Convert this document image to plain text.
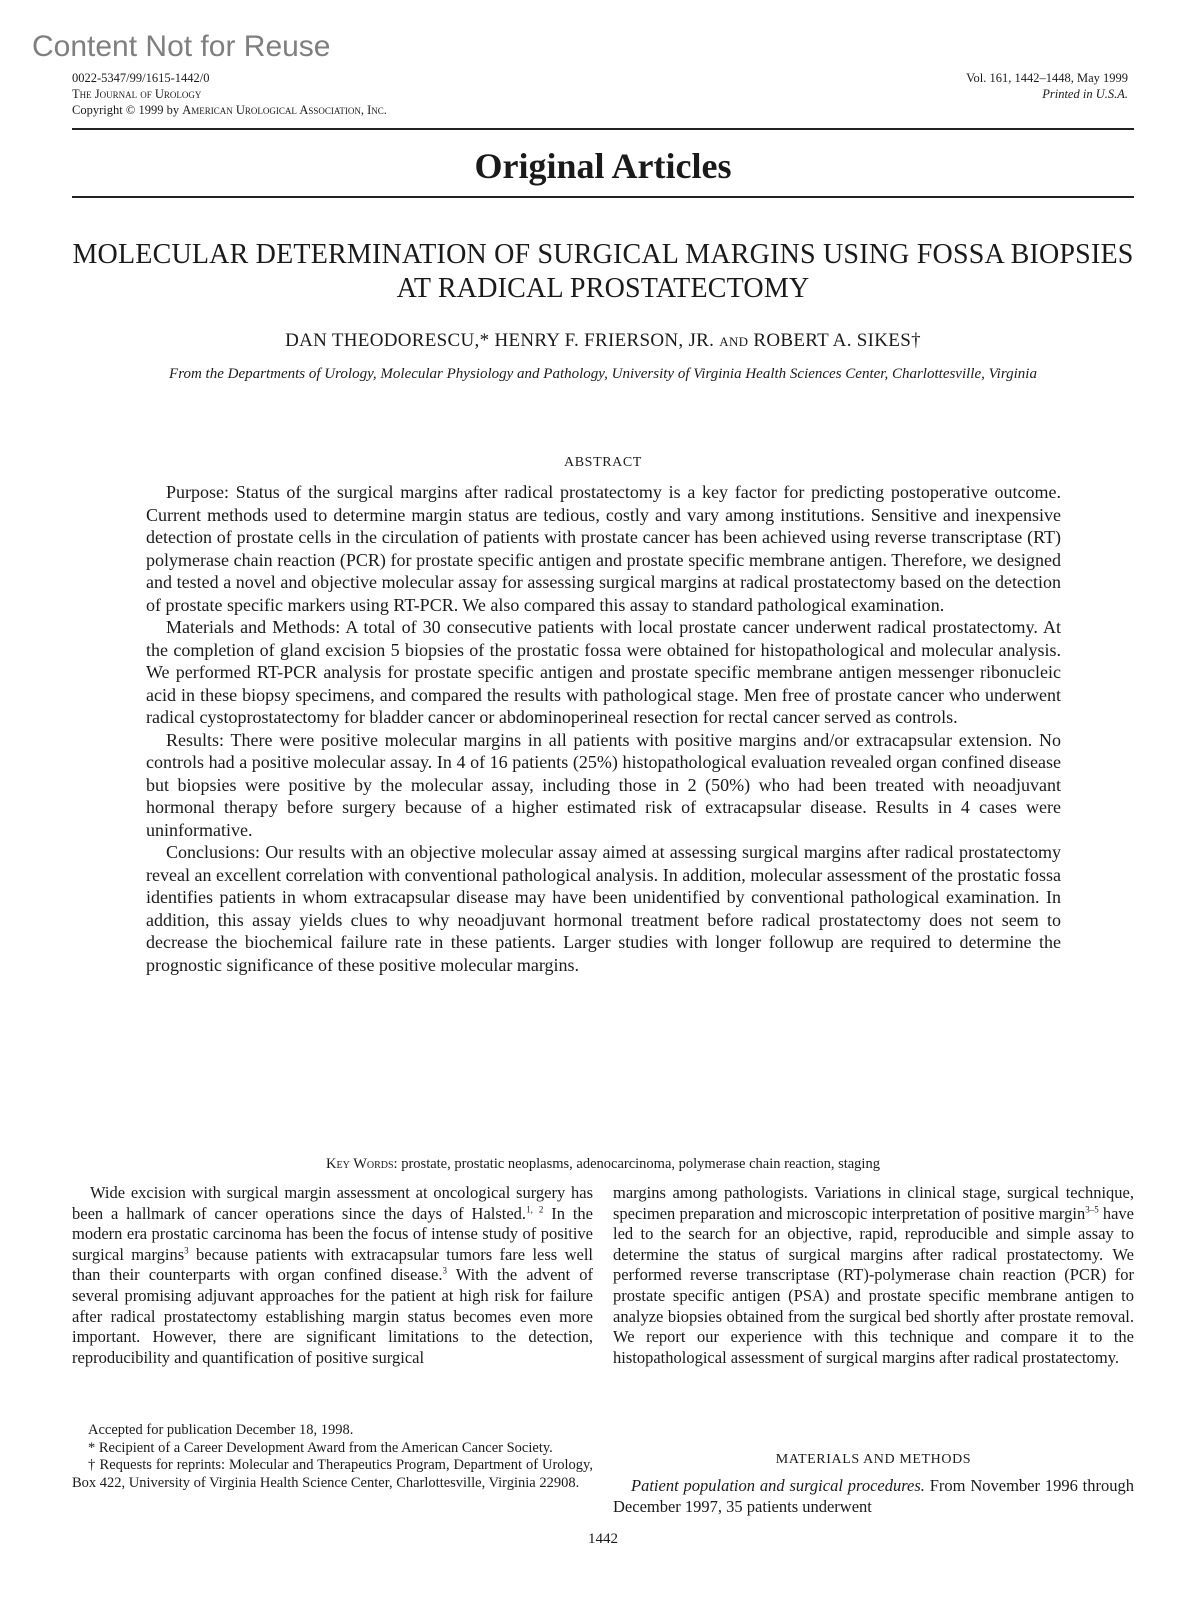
Content Not for Reuse
0022-5347/99/1615-1442/0
The Journal of Urology
Copyright © 1999 by American Urological Association, Inc.
Vol. 161, 1442–1448, May 1999
Printed in U.S.A.
Original Articles
MOLECULAR DETERMINATION OF SURGICAL MARGINS USING FOSSA BIOPSIES AT RADICAL PROSTATECTOMY
DAN THEODORESCU,* HENRY F. FRIERSON, JR. and ROBERT A. SIKES†
From the Departments of Urology, Molecular Physiology and Pathology, University of Virginia Health Sciences Center, Charlottesville, Virginia
ABSTRACT

Purpose: Status of the surgical margins after radical prostatectomy is a key factor for predicting postoperative outcome. Current methods used to determine margin status are tedious, costly and vary among institutions. Sensitive and inexpensive detection of prostate cells in the circulation of patients with prostate cancer has been achieved using reverse transcriptase (RT) polymerase chain reaction (PCR) for prostate specific antigen and prostate specific membrane antigen. Therefore, we designed and tested a novel and objective molecular assay for assessing surgical margins at radical prostatectomy based on the detection of prostate specific markers using RT-PCR. We also compared this assay to standard pathological examination.

Materials and Methods: A total of 30 consecutive patients with local prostate cancer underwent radical prostatectomy. At the completion of gland excision 5 biopsies of the prostatic fossa were obtained for histopathological and molecular analysis. We performed RT-PCR analysis for prostate specific antigen and prostate specific membrane antigen messenger ribonucleic acid in these biopsy specimens, and compared the results with pathological stage. Men free of prostate cancer who underwent radical cystoprostatectomy for bladder cancer or abdominoperineal resection for rectal cancer served as controls.

Results: There were positive molecular margins in all patients with positive margins and/or extracapsular extension. No controls had a positive molecular assay. In 4 of 16 patients (25%) histopathological evaluation revealed organ confined disease but biopsies were positive by the molecular assay, including those in 2 (50%) who had been treated with neoadjuvant hormonal therapy before surgery because of a higher estimated risk of extracapsular disease. Results in 4 cases were uninformative.

Conclusions: Our results with an objective molecular assay aimed at assessing surgical margins after radical prostatectomy reveal an excellent correlation with conventional pathological analysis. In addition, molecular assessment of the prostatic fossa identifies patients in whom extracapsular disease may have been unidentified by conventional pathological examination. In addition, this assay yields clues to why neoadjuvant hormonal treatment before radical prostatectomy does not seem to decrease the biochemical failure rate in these patients. Larger studies with longer followup are required to determine the prognostic significance of these positive molecular margins.

Key Words: prostate, prostatic neoplasms, adenocarcinoma, polymerase chain reaction, staging

Wide excision with surgical margin assessment at oncological surgery has been a hallmark of cancer operations since the days of Halsted.$^{1, 2}$ In the modern era prostatic carcinoma has been the focus of intense study of positive surgical margins$^3$ because patients with extracapsular tumors fare less well than their counterparts with organ confined disease.$^3$ With the advent of several promising adjuvant approaches for the patient at high risk for failure after radical prostatectomy establishing margin status becomes even more important. However, there are significant limitations to the detection, reproducibility and quantification of positive surgical

Accepted for publication December 18, 1998.

* Recipient of a Career Development Award from the American Cancer Society.

† Requests for reprints: Molecular and Therapeutics Program, Department of Urology, Box 422, University of Virginia Health Science Center, Charlottesville, Virginia 22908.

margins among pathologists. Variations in clinical stage, surgical technique, specimen preparation and microscopic interpretation of positive margin$^{3-5}$ have led to the search for an objective, rapid, reproducible and simple assay to determine the status of surgical margins after radical prostatectomy. We performed reverse transcriptase (RT)-polymerase chain reaction (PCR) for prostate specific antigen (PSA) and prostate specific membrane antigen to analyze biopsies obtained from the surgical bed shortly after prostate removal. We report our experience with this technique and compare it to the histopathological assessment of surgical margins after radical prostatectomy.

MATERIALS AND METHODS

Patient population and surgical procedures. From November 1996 through December 1997, 35 patients underwent

1442
